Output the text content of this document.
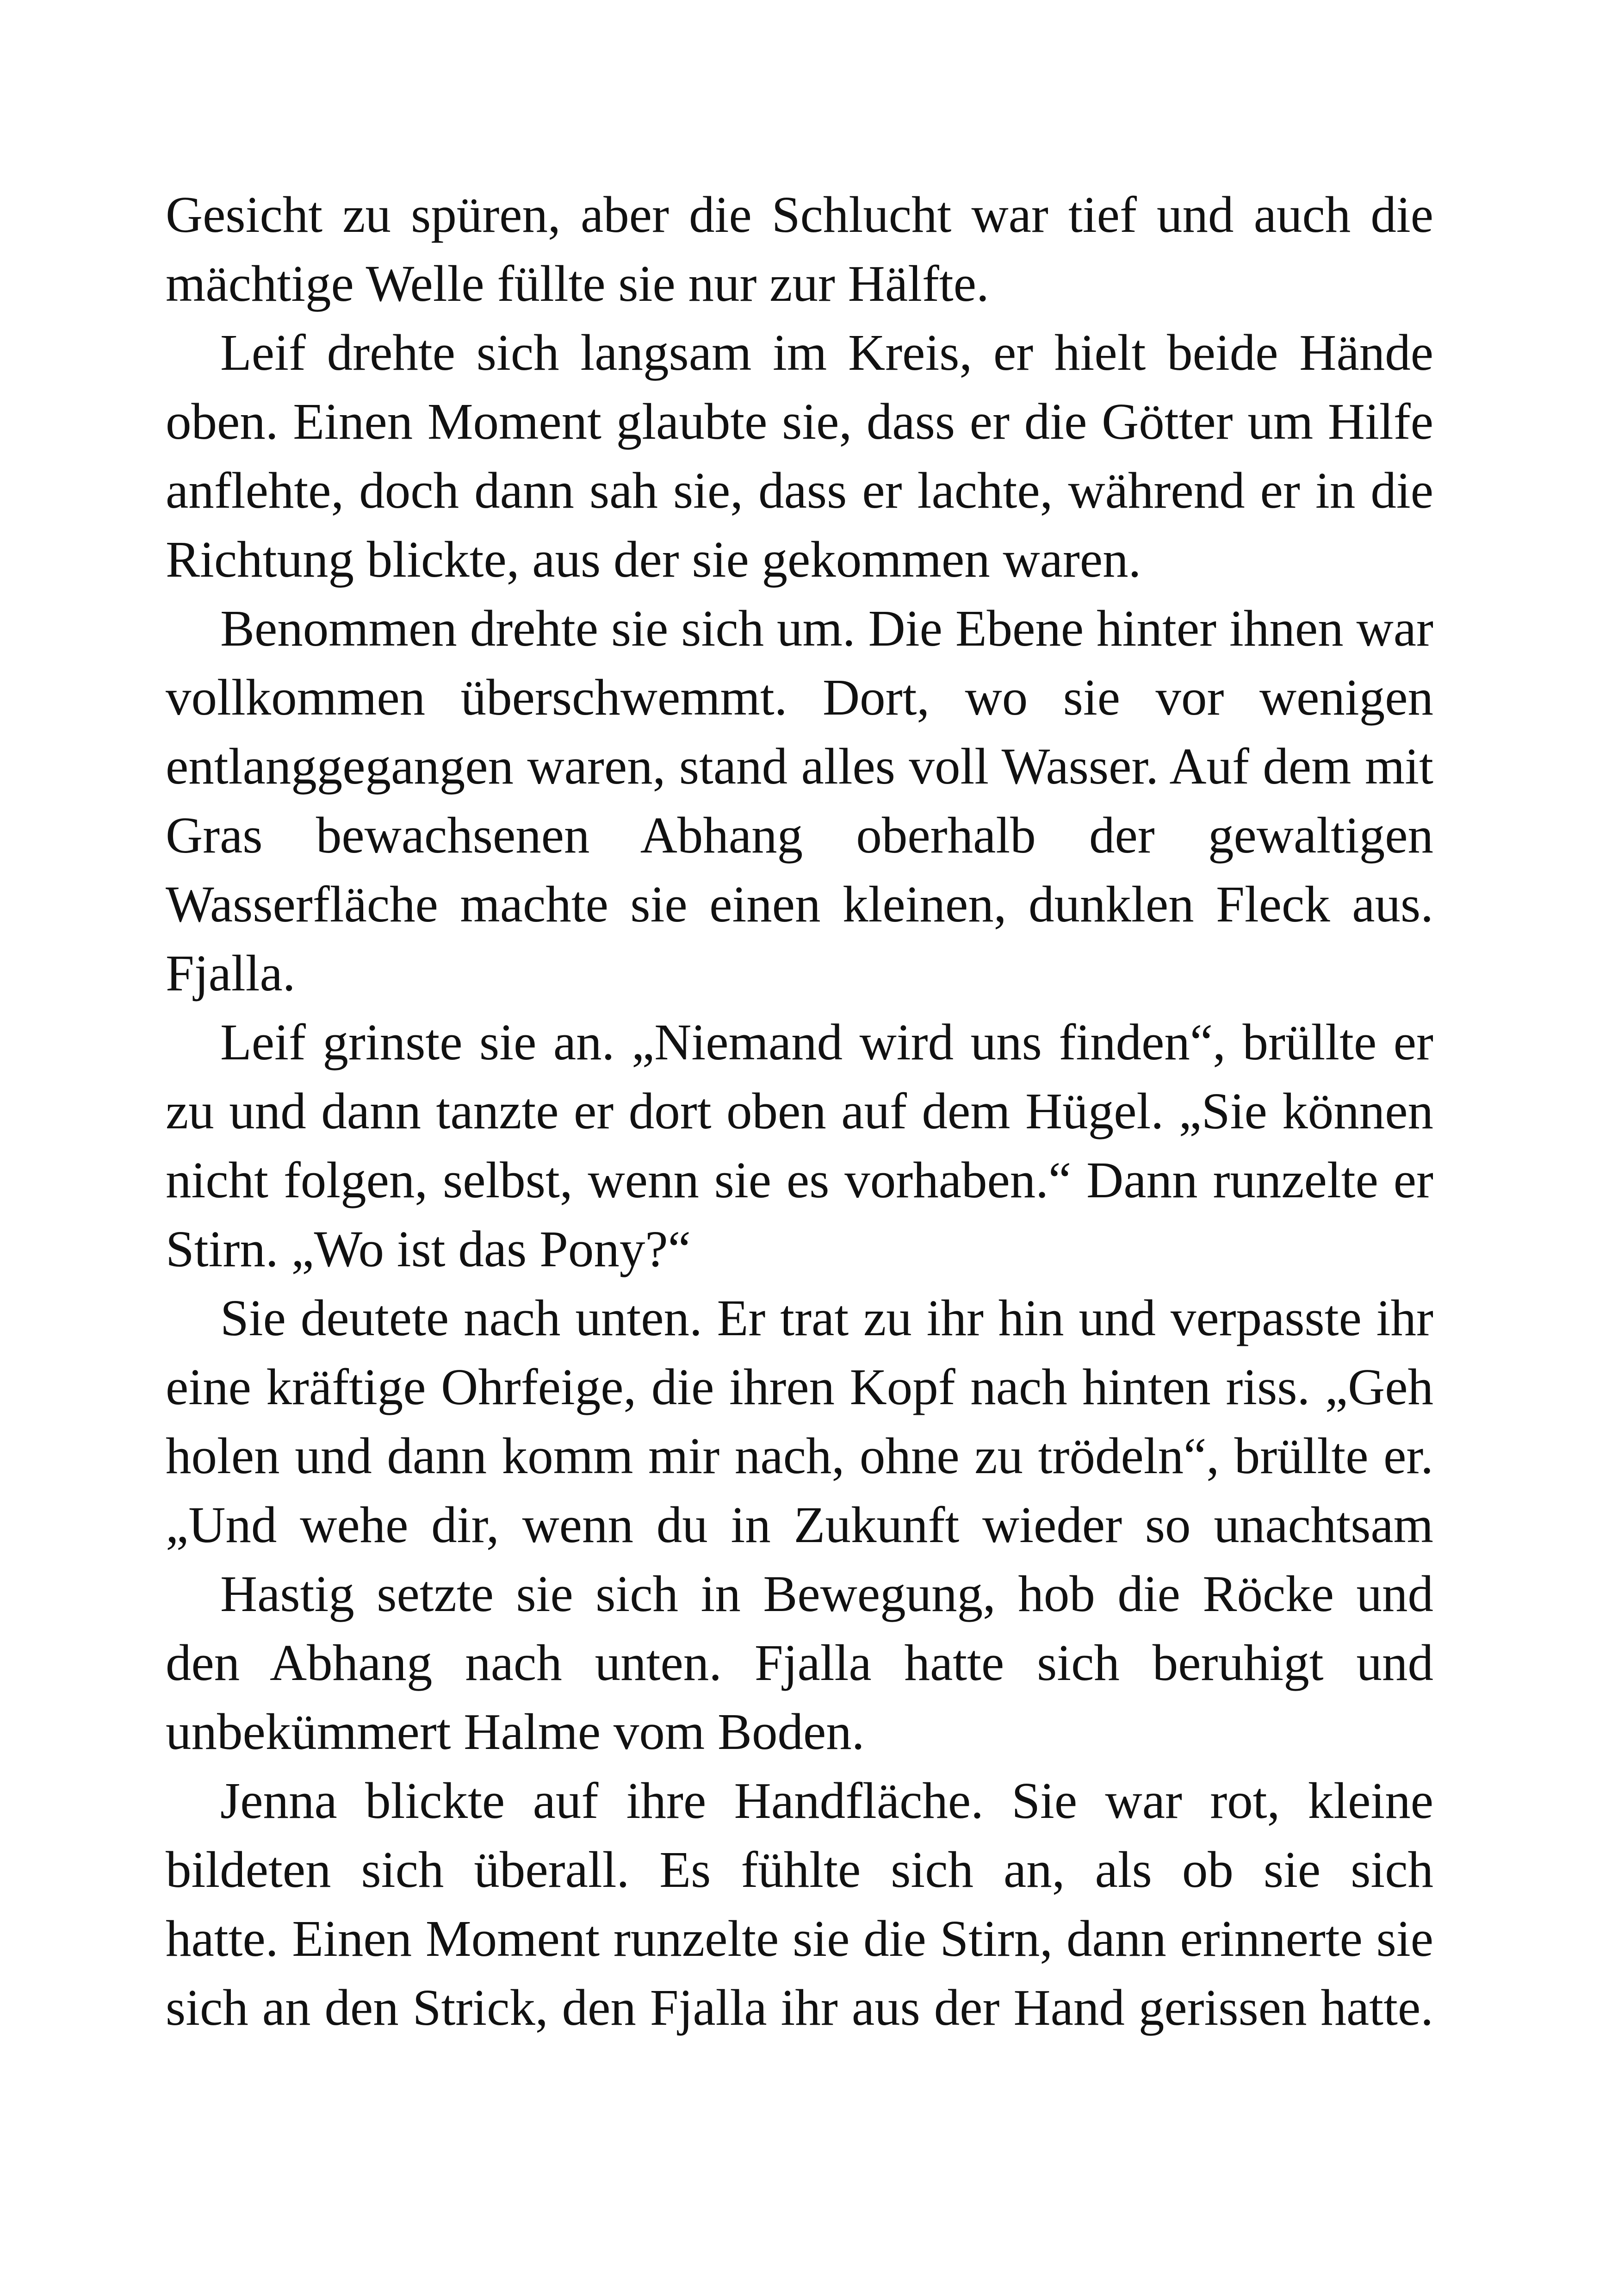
Gesicht zu spüren, aber die Schlucht war tief und auch die
mächtige Welle füllte sie nur zur Hälfte.
Leif drehte sich langsam im Kreis, er hielt beide Hände
oben. Einen Moment glaubte sie, dass er die Götter um Hilfe
anflehte, doch dann sah sie, dass er lachte, während er in die
Richtung blickte, aus der sie gekommen waren.
Benommen drehte sie sich um. Die Ebene hinter ihnen war
vollkommen überschwemmt. Dort, wo sie vor wenigen
entlanggegangen waren, stand alles voll Wasser. Auf dem mit
Gras bewachsenen Abhang oberhalb der gewaltigen
Wasserfläche machte sie einen kleinen, dunklen Fleck aus.
Fjalla.
Leif grinste sie an. „Niemand wird uns finden“, brüllte er
zu und dann tanzte er dort oben auf dem Hügel. „Sie können
nicht folgen, selbst, wenn sie es vorhaben.“ Dann runzelte er
Stirn. „Wo ist das Pony?“
Sie deutete nach unten. Er trat zu ihr hin und verpasste ihr
eine kräftige Ohrfeige, die ihren Kopf nach hinten riss. „Geh
holen und dann komm mir nach, ohne zu trödeln“, brüllte er.
„Und wehe dir, wenn du in Zukunft wieder so unachtsam
Hastig setzte sie sich in Bewegung, hob die Röcke und
den Abhang nach unten. Fjalla hatte sich beruhigt und
unbekümmert Halme vom Boden.
Jenna blickte auf ihre Handfläche. Sie war rot, kleine
bildeten sich überall. Es fühlte sich an, als ob sie sich
hatte. Einen Moment runzelte sie die Stirn, dann erinnerte sie
sich an den Strick, den Fjalla ihr aus der Hand gerissen hatte.
